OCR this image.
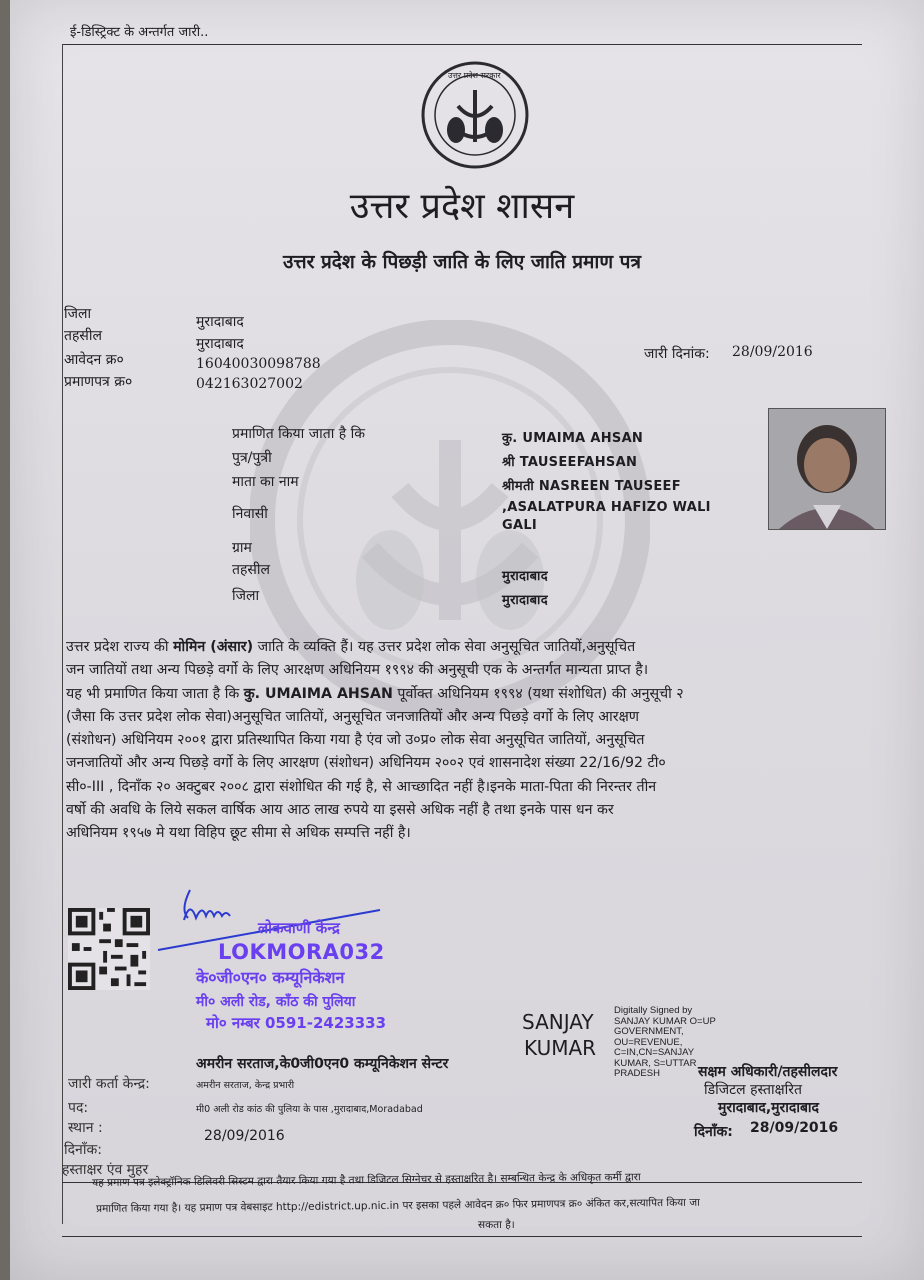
ई-डिस्ट्रिक्ट के अन्तर्गत जारी..
उत्तर प्रदेश सरकार
उत्तर प्रदेश शासन
उत्तर प्रदेश के पिछड़ी जाति के लिए जाति प्रमाण पत्र
जिला	मुरादाबाद
तहसील	मुरादाबाद
आवेदन क्र०	16040030098788
प्रमाणपत्र क्र०	042163027002
जारी दिनांक: 28/09/2016
प्रमाणित किया जाता है कि	कु. UMAIMA AHSAN
पुत्र/पुत्री	श्री TAUSEEFAHSAN
माता का नाम	श्रीमती NASREEN TAUSEEF
निवासी	,ASALATPURA HAFIZO WALI
GALI
ग्राम
तहसील	मुरादाबाद
जिला	मुरादाबाद
उत्तर प्रदेश राज्य की मोमिन (अंसार) जाति के व्यक्ति हैं। यह उत्तर प्रदेश लोक सेवा अनुसूचित जातियों,अनुसूचित
जन जातियों तथा अन्य पिछड़े वर्गो के लिए आरक्षण अधिनियम १९९४ की अनुसूची एक के अन्तर्गत मान्यता प्राप्त है।
यह भी प्रमाणित किया जाता है कि कु. UMAIMA AHSAN पूर्वोक्त अधिनियम १९९४ (यथा संशोधित) की अनुसूची २
(जैसा कि उत्तर प्रदेश लोक सेवा)अनुसूचित जातियों, अनुसूचित जनजातियों और अन्य पिछड़े वर्गो के लिए आरक्षण
(संशोधन) अधिनियम २००१ द्वारा प्रतिस्थापित किया गया है एंव जो उ०प्र० लोक सेवा अनुसूचित जातियों, अनुसूचित
जनजातियों और अन्य पिछड़े वर्गो के लिए आरक्षण (संशोधन) अधिनियम २००२ एवं शासनादेश संख्या 22/16/92 टी०
सी०-III , दिनाँक २० अक्टुबर २००८ द्वारा संशोधित की गई है, से आच्छादित नहीं है।इनके माता-पिता की निरन्तर तीन
वर्षो की अवधि के लिये सकल वार्षिक आय आठ लाख रुपये या इससे अधिक नहीं है तथा इनके पास धन कर
अधिनियम १९५७ मे यथा विहिप छूट सीमा से अधिक सम्पत्ति नहीं है।
लोकवाणी केन्द्र
LOKMORA032
के०जी०एन० कम्यूनिकेशन
मी० अली रोड, काँठ की पुलिया
मो० नम्बर 0591-2423333	SANJAY
KUMAR
Digitally Signed by SANJAY KUMAR O=UP GOVERNMENT, OU=REVENUE, C=IN,CN=SANJAY KUMAR, S=UTTAR PRADESH
जारी कर्ता केन्द्र:
अमरीन सरताज,के0जी0एन0 कम्यूनिकेशन सेन्टर
पद:
अमरीन सरताज, केन्द्र प्रभारी
स्थान :
मी0 अली रोड कांठ की पुलिया के पास ,मुरादाबाद,Moradabad
दिनाँक:
28/09/2016
हस्ताक्षर एंव मुहर
सक्षम अधिकारी/तहसीलदार
डिजिटल हस्ताक्षरित
मुरादाबाद,मुरादाबाद
दिनाँक: 28/09/2016
यह प्रमाण पत्र इलेक्ट्रॉनिक डिलिवरी सिस्टम द्वारा तैयार किया गया है तथा डिजिटल सिग्नेचर से हस्ताक्षरित है। सम्बन्धित केन्द्र के अधिकृत कर्मी द्वारा
प्रमाणित किया गया है। यह प्रमाण पत्र वेबसाइट http://edistrict.up.nic.in पर इसका पहले आवेदन क्र० फिर प्रमाणपत्र क्र० अंकित कर,सत्यापित किया जा
सकता है।
